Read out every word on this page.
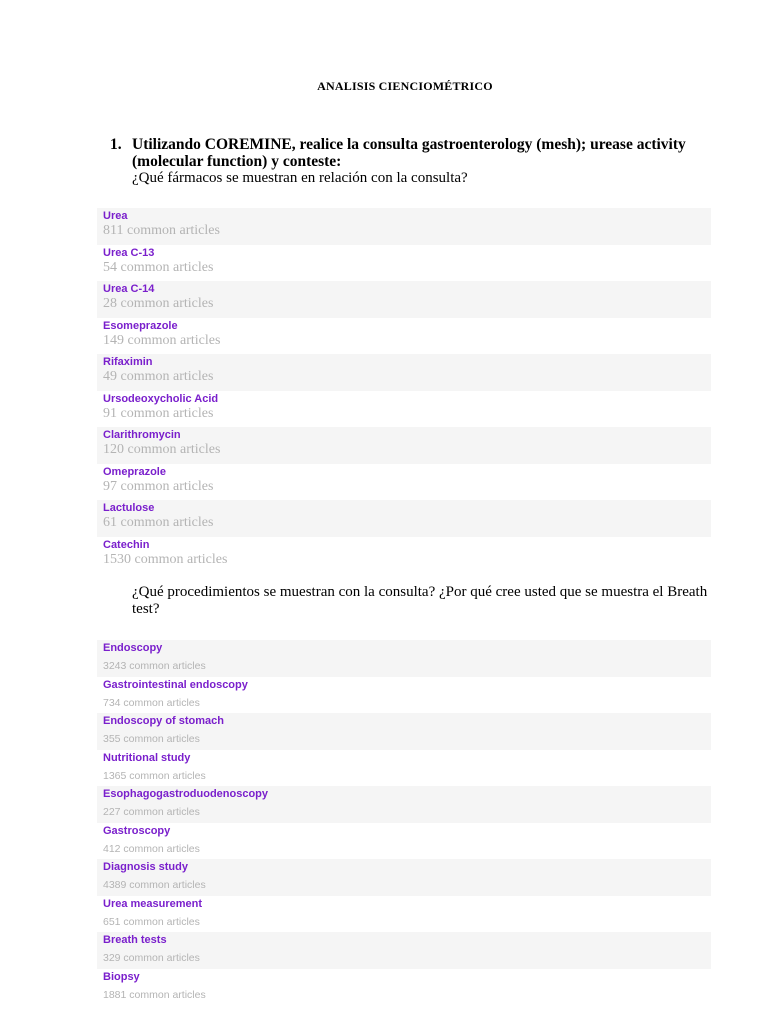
ANALISIS CIENCIOMÉTRICO
1. Utilizando COREMINE, realice la consulta gastroenterology (mesh); urease activity
(molecular function) y conteste:
¿Qué fármacos se muestran en relación con la consulta?
Urea
811 common articles
Urea C-13
54 common articles
Urea C-14
28 common articles
Esomeprazole
149 common articles
Rifaximin
49 common articles
Ursodeoxycholic Acid
91 common articles
Clarithromycin
120 common articles
Omeprazole
97 common articles
Lactulose
61 common articles
Catechin
1530 common articles
¿Qué procedimientos se muestran con la consulta? ¿Por qué cree usted que se muestra el Breath test?
Endoscopy
3243 common articles
Gastrointestinal endoscopy
734 common articles
Endoscopy of stomach
355 common articles
Nutritional study
1365 common articles
Esophagogastroduodenoscopy
227 common articles
Gastroscopy
412 common articles
Diagnosis study
4389 common articles
Urea measurement
651 common articles
Breath tests
329 common articles
Biopsy
1881 common articles
